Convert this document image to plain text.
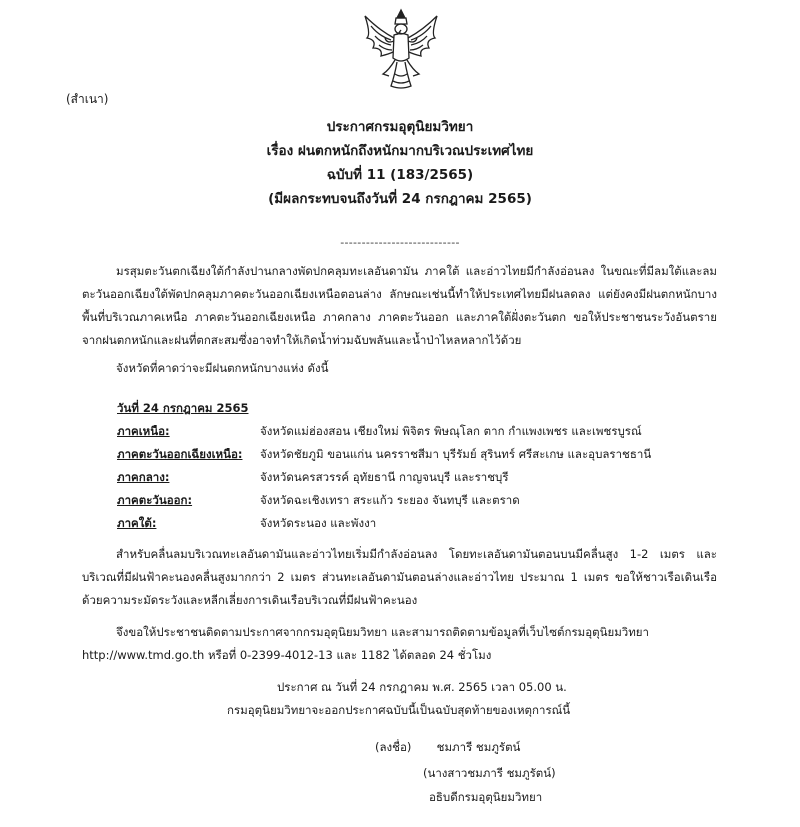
(สำเนา)
ประกาศกรมอุตุนิยมวิทยา
เรื่อง ฝนตกหนักถึงหนักมากบริเวณประเทศไทย
ฉบับที่ 11 (183/2565)
(มีผลกระทบจนถึงวันที่ 24 กรกฎาคม 2565)
----------------------------
มรสุมตะวันตกเฉียงใต้กำลังปานกลางพัดปกคลุมทะเลอันดามัน ภาคใต้ และอ่าวไทยมีกำลังอ่อนลง ในขณะที่มีลมใต้และลมตะวันออกเฉียงใต้พัดปกคลุมภาคตะวันออกเฉียงเหนือตอนล่าง ลักษณะเช่นนี้ทำให้ประเทศไทยมีฝนลดลง แต่ยังคงมีฝนตกหนักบางพื้นที่บริเวณภาคเหนือ ภาคตะวันออกเฉียงเหนือ ภาคกลาง ภาคตะวันออก และภาคใต้ฝั่งตะวันตก ขอให้ประชาชนระวังอันตรายจากฝนตกหนักและฝนที่ตกสะสมซึ่งอาจทำให้เกิดน้ำท่วมฉับพลันและน้ำป่าไหลหลากไว้ด้วย
จังหวัดที่คาดว่าจะมีฝนตกหนักบางแห่ง ดังนี้
วันที่ 24 กรกฎาคม 2565
ภาคเหนือ:	จังหวัดแม่ฮ่องสอน เชียงใหม่ พิจิตร พิษณุโลก ตาก กำแพงเพชร และเพชรบูรณ์
ภาคตะวันออกเฉียงเหนือ: จังหวัดชัยภูมิ ขอนแก่น นครราชสีมา บุรีรัมย์ สุรินทร์ ศรีสะเกษ และอุบลราชธานี
ภาคกลาง:	จังหวัดนครสวรรค์ อุทัยธานี กาญจนบุรี และราชบุรี
ภาคตะวันออก:	จังหวัดฉะเชิงเทรา สระแก้ว ระยอง จันทบุรี และตราด
ภาคใต้:	จังหวัดระนอง และพังงา
สำหรับคลื่นลมบริเวณทะเลอันดามันและอ่าวไทยเริ่มมีกำลังอ่อนลง โดยทะเลอันดามันตอนบนมีคลื่นสูง 1-2 เมตร และบริเวณที่มีฝนฟ้าคะนองคลื่นสูงมากกว่า 2 เมตร ส่วนทะเลอันดามันตอนล่างและอ่าวไทย ประมาณ 1 เมตร ขอให้ชาวเรือเดินเรือด้วยความระมัดระวังและหลีกเลี่ยงการเดินเรือบริเวณที่มีฝนฟ้าคะนอง
จึงขอให้ประชาชนติดตามประกาศจากกรมอุตุนิยมวิทยา และสามารถติดตามข้อมูลที่เว็บไซต์กรมอุตุนิยมวิทยา
http://www.tmd.go.th หรือที่ 0-2399-4012-13 และ 1182 ได้ตลอด 24 ชั่วโมง
ประกาศ ณ วันที่ 24 กรกฎาคม พ.ศ. 2565 เวลา 05.00 น.
กรมอุตุนิยมวิทยาจะออกประกาศฉบับนี้เป็นฉบับสุดท้ายของเหตุการณ์นี้
(ลงชื่อ) ชมภารี ชมภูรัตน์
(นางสาวชมภารี ชมภูรัตน์)
อธิบดีกรมอุตุนิยมวิทยา
